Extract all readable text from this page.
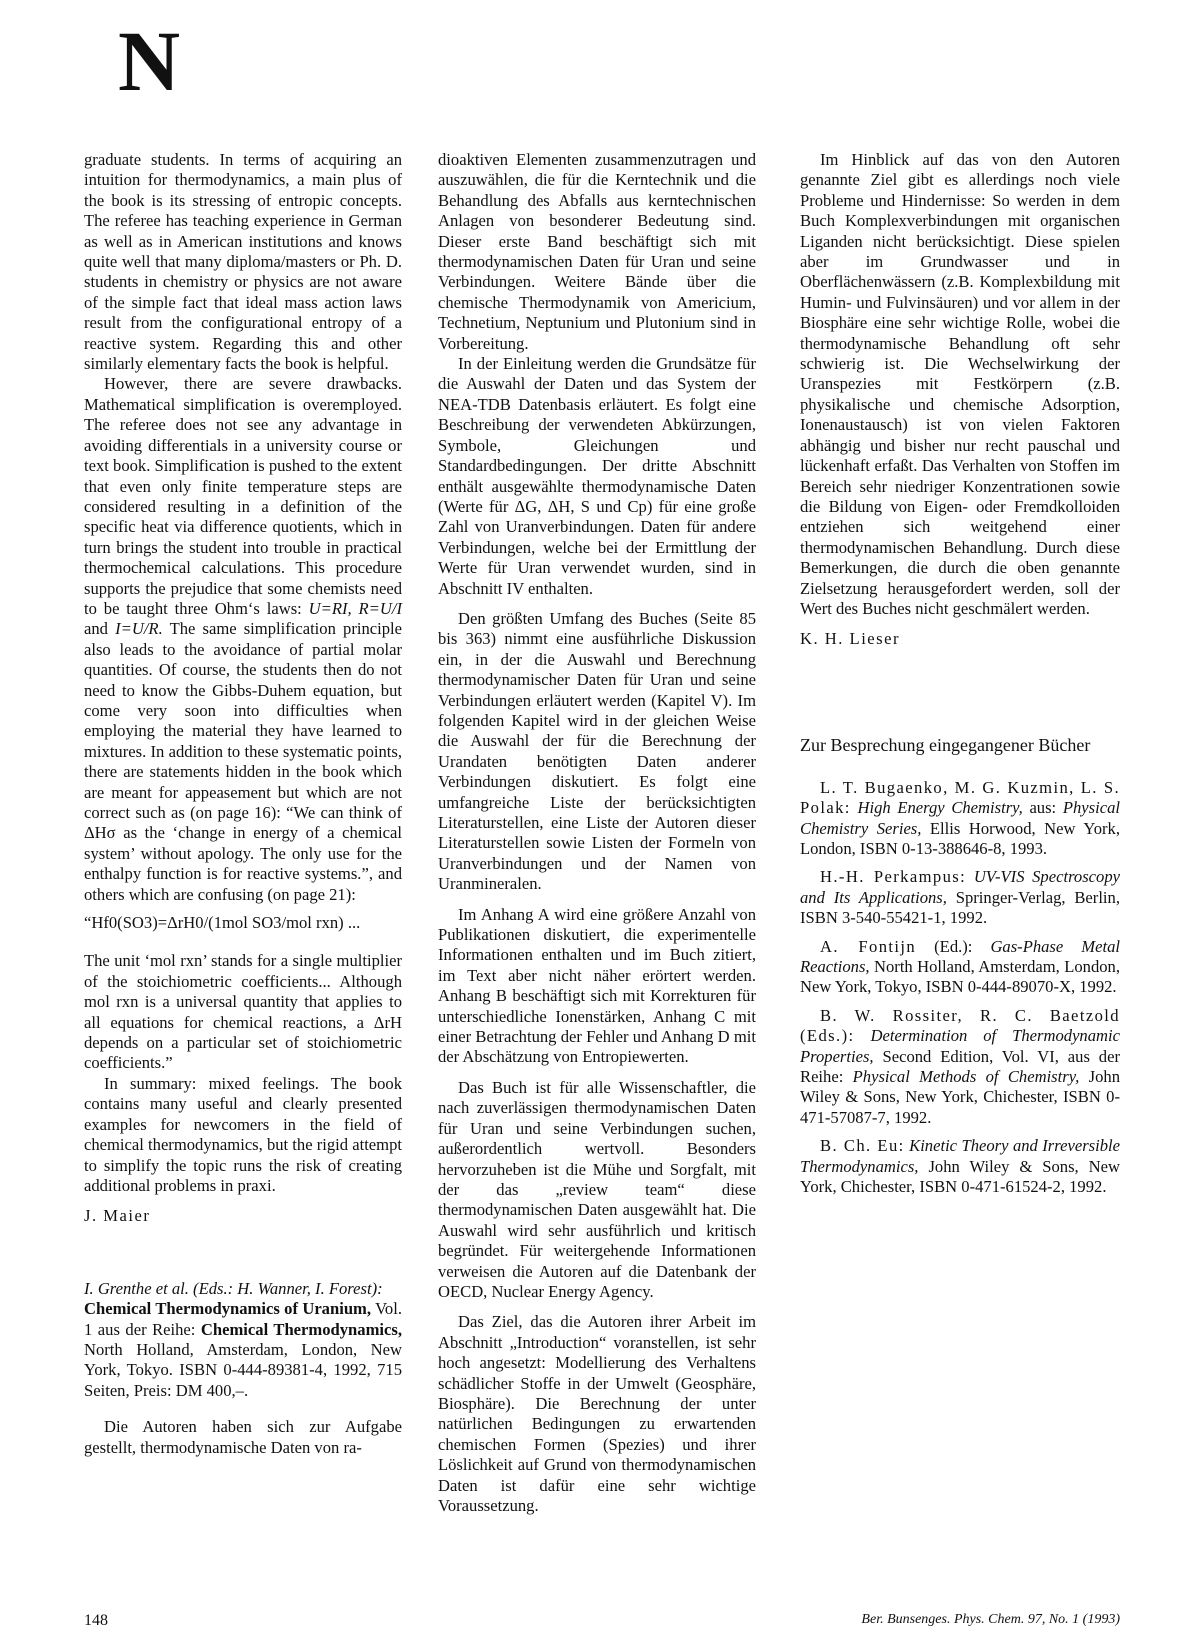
N

graduate students. In terms of acquiring an intuition for thermodynamics, a main plus of the book is its stressing of entropic concepts. The referee has teaching experience in German as well as in American institutions and knows quite well that many diploma/masters or Ph. D. students in chemistry or physics are not aware of the simple fact that ideal mass action laws result from the configurational entropy of a reactive system. Regarding this and other similarly elementary facts the book is helpful.

However, there are severe drawbacks. Mathematical simplification is overemployed. The referee does not see any advantage in avoiding differentials in a university course or text book. Simplification is pushed to the extent that even only finite temperature steps are considered resulting in a definition of the specific heat via difference quotients, which in turn brings the student into trouble in practical thermochemical calculations. This procedure supports the prejudice that some chemists need to be taught three Ohm‘s laws: U=RI, R=U/I and I=U/R. The same simplification principle also leads to the avoidance of partial molar quantities. Of course, the students then do not need to know the Gibbs-Duhem equation, but come very soon into difficulties when employing the material they have learned to mixtures. In addition to these systematic points, there are statements hidden in the book which are meant for appeasement but which are not correct such as (on page 16): “We can think of ΔHσ as the ‘change in energy of a chemical system’ without apology. The only use for the enthalpy function is for reactive systems.”, and others which are confusing (on page 21):

“Hf0(SO3)=ΔrH0/(1mol SO3/mol rxn) ...

The unit ‘mol rxn’ stands for a single multiplier of the stoichiometric coefficients... Although mol rxn is a universal quantity that applies to all equations for chemical reactions, a ΔrH depends on a particular set of stoichiometric coefficients.”

In summary: mixed feelings. The book contains many useful and clearly presented examples for newcomers in the field of chemical thermodynamics, but the rigid attempt to simplify the topic runs the risk of creating additional problems in praxi.

J. Maier

I. Grenthe et al. (Eds.: H. Wanner, I. Forest):

Chemical Thermodynamics of Uranium, Vol. 1 aus der Reihe: Chemical Thermodynamics, North Holland, Amsterdam, London, New York, Tokyo. ISBN 0-444-89381-4, 1992, 715 Seiten, Preis: DM 400,–.

Die Autoren haben sich zur Aufgabe gestellt, thermodynamische Daten von ra-

dioaktiven Elementen zusammenzutragen und auszuwählen, die für die Kerntechnik und die Behandlung des Abfalls aus kerntechnischen Anlagen von besonderer Bedeutung sind. Dieser erste Band beschäftigt sich mit thermodynamischen Daten für Uran und seine Verbindungen. Weitere Bände über die chemische Thermodynamik von Americium, Technetium, Neptunium und Plutonium sind in Vorbereitung.

In der Einleitung werden die Grundsätze für die Auswahl der Daten und das System der NEA-TDB Datenbasis erläutert. Es folgt eine Beschreibung der verwendeten Abkürzungen, Symbole, Gleichungen und Standardbedingungen. Der dritte Abschnitt enthält ausgewählte thermodynamische Daten (Werte für ΔG, ΔH, S und Cp) für eine große Zahl von Uranverbindungen. Daten für andere Verbindungen, welche bei der Ermittlung der Werte für Uran verwendet wurden, sind in Abschnitt IV enthalten.

Den größten Umfang des Buches (Seite 85 bis 363) nimmt eine ausführliche Diskussion ein, in der die Auswahl und Berechnung thermodynamischer Daten für Uran und seine Verbindungen erläutert werden (Kapitel V). Im folgenden Kapitel wird in der gleichen Weise die Auswahl der für die Berechnung der Urandaten benötigten Daten anderer Verbindungen diskutiert. Es folgt eine umfangreiche Liste der berücksichtigten Literaturstellen, eine Liste der Autoren dieser Literaturstellen sowie Listen der Formeln von Uranverbindungen und der Namen von Uranmineralen.

Im Anhang A wird eine größere Anzahl von Publikationen diskutiert, die experimentelle Informationen enthalten und im Buch zitiert, im Text aber nicht näher erörtert werden. Anhang B beschäftigt sich mit Korrekturen für unterschiedliche Ionenstärken, Anhang C mit einer Betrachtung der Fehler und Anhang D mit der Abschätzung von Entropiewerten.

Das Buch ist für alle Wissenschaftler, die nach zuverlässigen thermodynamischen Daten für Uran und seine Verbindungen suchen, außerordentlich wertvoll. Besonders hervorzuheben ist die Mühe und Sorgfalt, mit der das „review team“ diese thermodynamischen Daten ausgewählt hat. Die Auswahl wird sehr ausführlich und kritisch begründet. Für weitergehende Informationen verweisen die Autoren auf die Datenbank der OECD, Nuclear Energy Agency.

Das Ziel, das die Autoren ihrer Arbeit im Abschnitt „Introduction“ voranstellen, ist sehr hoch angesetzt: Modellierung des Verhaltens schädlicher Stoffe in der Umwelt (Geosphäre, Biosphäre). Die Berechnung der unter natürlichen Bedingungen zu erwartenden chemischen Formen (Spezies) und ihrer Löslichkeit auf Grund von thermodynamischen Daten ist dafür eine sehr wichtige Voraussetzung.

Im Hinblick auf das von den Autoren genannte Ziel gibt es allerdings noch viele Probleme und Hindernisse: So werden in dem Buch Komplexverbindungen mit organischen Liganden nicht berücksichtigt. Diese spielen aber im Grundwasser und in Oberflächenwässern (z.B. Komplexbildung mit Humin- und Fulvinsäuren) und vor allem in der Biosphäre eine sehr wichtige Rolle, wobei die thermodynamische Behandlung oft sehr schwierig ist. Die Wechselwirkung der Uranspezies mit Festkörpern (z.B. physikalische und chemische Adsorption, Ionenaustausch) ist von vielen Faktoren abhängig und bisher nur recht pauschal und lückenhaft erfaßt. Das Verhalten von Stoffen im Bereich sehr niedriger Konzentrationen sowie die Bildung von Eigen- oder Fremdkolloiden entziehen sich weitgehend einer thermodynamischen Behandlung. Durch diese Bemerkungen, die durch die oben genannte Zielsetzung herausgefordert werden, soll der Wert des Buches nicht geschmälert werden.

K. H. Lieser

Zur Besprechung eingegangener Bücher

L. T. Bugaenko, M. G. Kuzmin, L. S. Polak: High Energy Chemistry, aus: Physical Chemistry Series, Ellis Horwood, New York, London, ISBN 0-13-388646-8, 1993.

H.-H. Perkampus: UV-VIS Spectroscopy and Its Applications, Springer-Verlag, Berlin, ISBN 3-540-55421-1, 1992.

A. Fontijn (Ed.): Gas-Phase Metal Reactions, North Holland, Amsterdam, London, New York, Tokyo, ISBN 0-444-89070-X, 1992.

B. W. Rossiter, R. C. Baetzold (Eds.): Determination of Thermodynamic Properties, Second Edition, Vol. VI, aus der Reihe: Physical Methods of Chemistry, John Wiley & Sons, New York, Chichester, ISBN 0-471-57087-7, 1992.

B. Ch. Eu: Kinetic Theory and Irreversible Thermodynamics, John Wiley & Sons, New York, Chichester, ISBN 0-471-61524-2, 1992.

148	Ber. Bunsenges. Phys. Chem. 97, No. 1 (1993)
